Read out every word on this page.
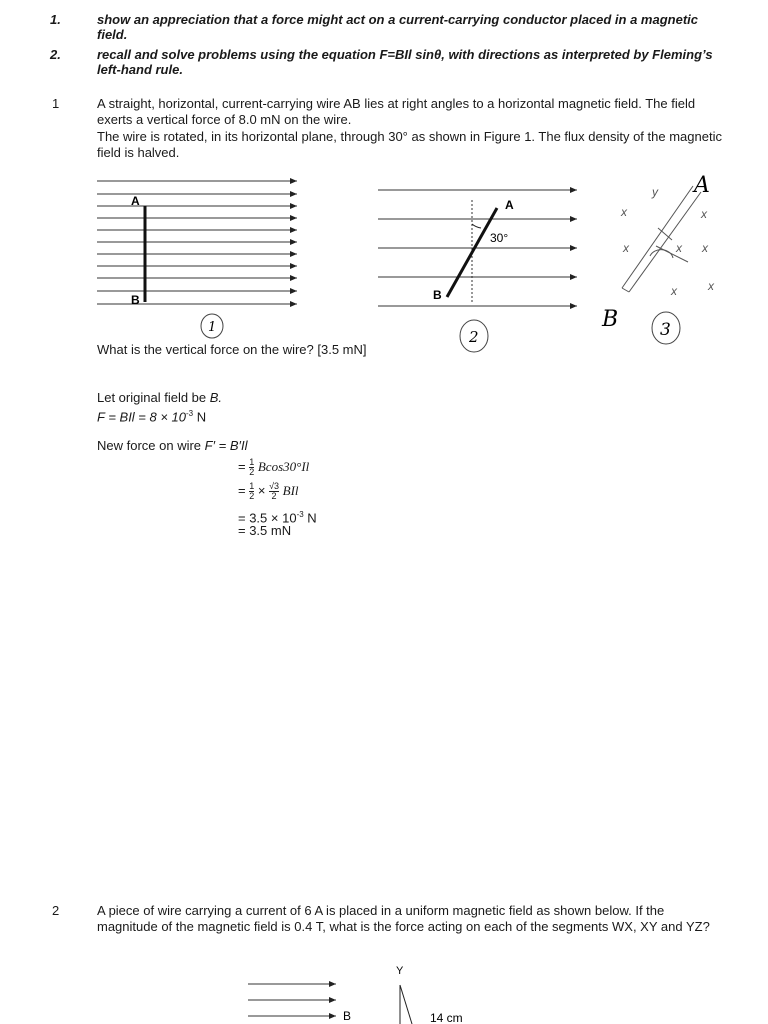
1.	show an appreciation that a force might act on a current-carrying conductor placed in a magnetic field.
2.	recall and solve problems using the equation F=BIl sinθ, with directions as interpreted by Fleming’s left-hand rule.
1	A straight, horizontal, current-carrying wire AB lies at right angles to a horizontal magnetic field. The field exerts a vertical force of 8.0 mN on the wire.
The wire is rotated, in its horizontal plane, through 30° as shown in Figure 1. The flux density of the magnetic field is halved.
A
B
1
A
B
30°
2
A
B
x	x
x	x
x	x
x
y
3
What is the vertical force on the wire? [3.5 mN]
Let original field be B.
F = BIl = $8 \times 10^{-3}$ N
New force on wire F′ = B′Il
= $\frac{1}{2} Bcos30^\circ Il$
= $\frac{1}{2} \times \frac{√3}{2}$ BIl
= $3.5 \times 10^{-3}$ N
= 3.5 mN
2	A piece of wire carrying a current of 6 A is placed in a uniform magnetic field as shown below. If the magnitude of the magnetic field is 0.4 T, what is the force acting on each of the segments WX, XY and YZ?
B
Y
14 cm
